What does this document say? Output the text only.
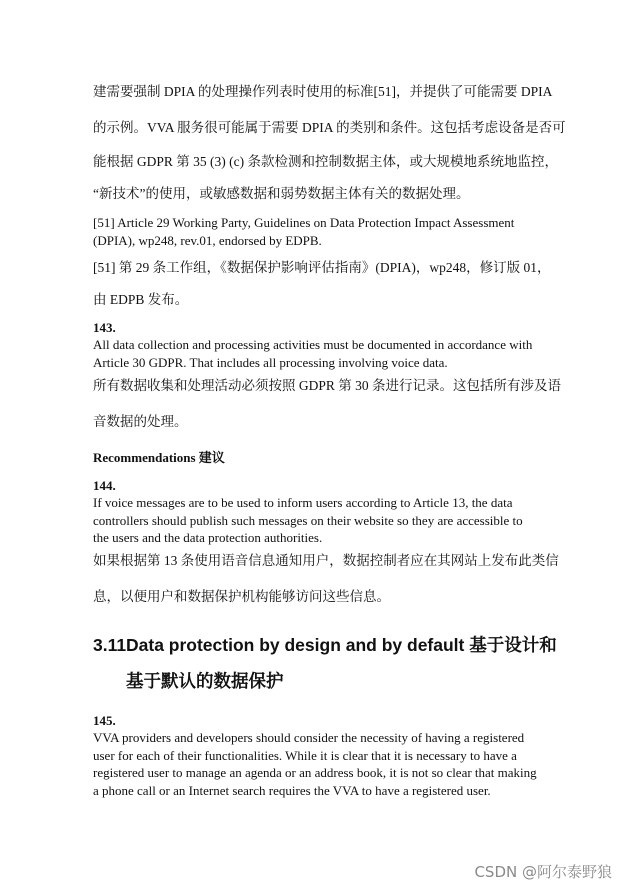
建需要强制 DPIA 的处理操作列表时使用的标准[51]，并提供了可能需要 DPIA

的示例。VVA 服务很可能属于需要 DPIA 的类别和条件。这包括考虑设备是否可

能根据 GDPR 第 35 (3) (c) 条款检测和控制数据主体，或大规模地系统地监控，

“新技术”的使用，或敏感数据和弱势数据主体有关的数据处理。

[51] Article 29 Working Party, Guidelines on Data Protection Impact Assessment (DPIA), wp248, rev.01, endorsed by EDPB.

[51] 第 29 条工作组，《数据保护影响评估指南》(DPIA)，wp248，修订版 01，

由 EDPB 发布。

143.

All data collection and processing activities must be documented in accordance with Article 30 GDPR. That includes all processing involving voice data.

所有数据收集和处理活动必须按照 GDPR 第 30 条进行记录。这包括所有涉及语

音数据的处理。

Recommendations 建议

144.

If voice messages are to be used to inform users according to Article 13, the data controllers should publish such messages on their website so they are accessible to the users and the data protection authorities.

如果根据第 13 条使用语音信息通知用户，数据控制者应在其网站上发布此类信

息，以便用户和数据保护机构能够访问这些信息。

3.11Data protection by design and by default 基于设计和
基于默认的数据保护

145.

VVA providers and developers should consider the necessity of having a registered user for each of their functionalities. While it is clear that it is necessary to have a registered user to manage an agenda or an address book, it is not so clear that making a phone call or an Internet search requires the VVA to have a registered user.

CSDN @阿尔泰野狼
